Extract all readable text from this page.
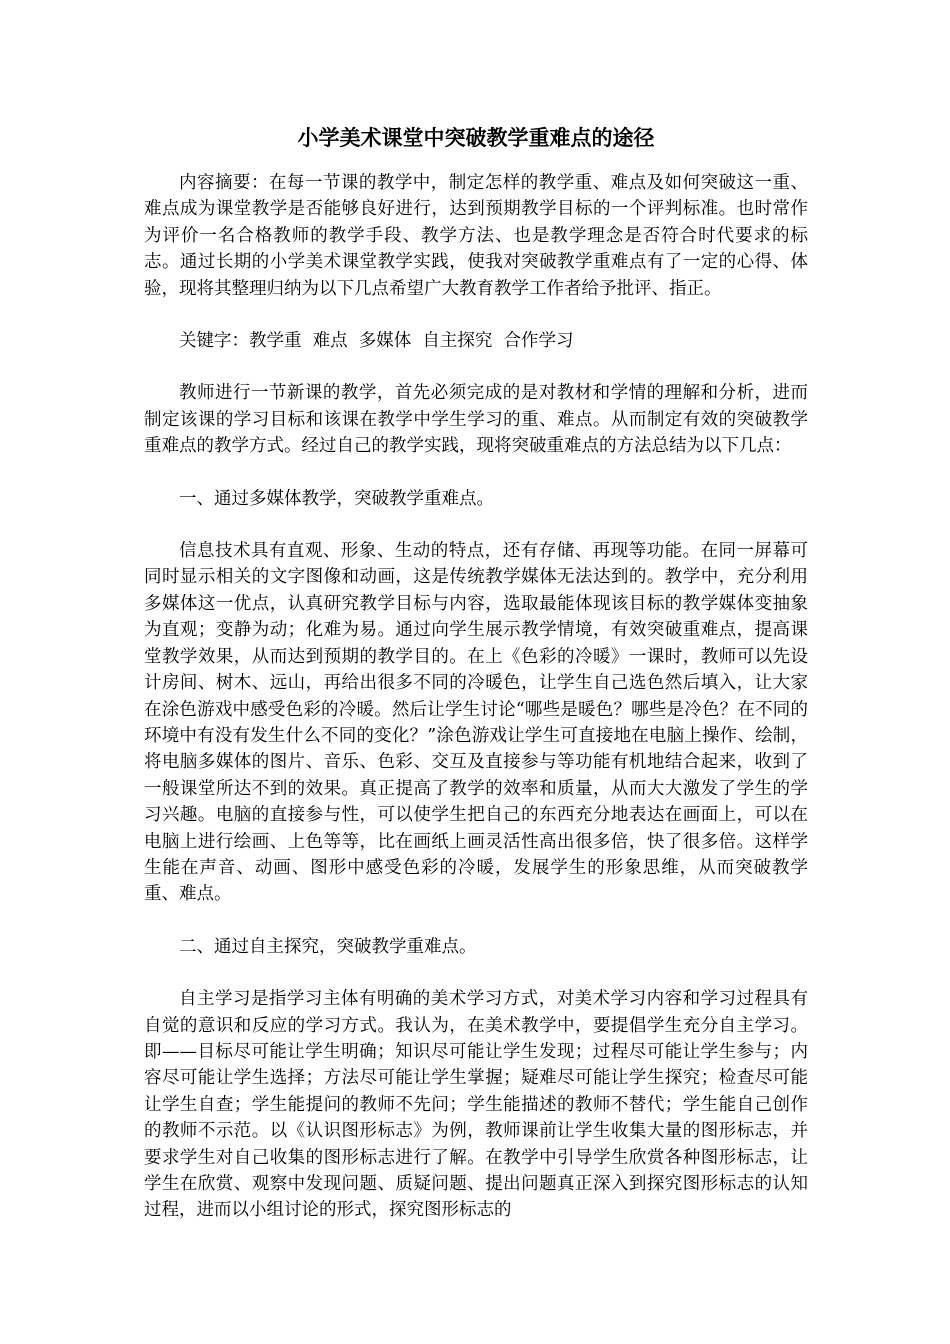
小学美术课堂中突破教学重难点的途径

内容摘要：在每一节课的教学中，制定怎样的教学重、难点及如何突破这一重、难点成为课堂教学是否能够良好进行，达到预期教学目标的一个评判标准。也时常作为评价一名合格教师的教学手段、教学方法、也是教学理念是否符合时代要求的标志。通过长期的小学美术课堂教学实践，使我对突破教学重难点有了一定的心得、体验，现将其整理归纳为以下几点希望广大教育教学工作者给予批评、指正。

关键字：教学重  难点  多媒体  自主探究  合作学习

教师进行一节新课的教学，首先必须完成的是对教材和学情的理解和分析，进而制定该课的学习目标和该课在教学中学生学习的重、难点。从而制定有效的突破教学重难点的教学方式。经过自己的教学实践，现将突破重难点的方法总结为以下几点：

一、通过多媒体教学，突破教学重难点。

信息技术具有直观、形象、生动的特点，还有存储、再现等功能。在同一屏幕可同时显示相关的文字图像和动画，这是传统教学媒体无法达到的。教学中，充分利用多媒体这一优点，认真研究教学目标与内容，选取最能体现该目标的教学媒体变抽象为直观；变静为动；化难为易。通过向学生展示教学情境，有效突破重难点，提高课堂教学效果，从而达到预期的教学目的。在上《色彩的冷暖》一课时，教师可以先设计房间、树木、远山，再给出很多不同的冷暖色，让学生自己选色然后填入，让大家在涂色游戏中感受色彩的冷暖。然后让学生讨论“哪些是暖色？哪些是冷色？在不同的环境中有没有发生什么不同的变化？”涂色游戏让学生可直接地在电脑上操作、绘制，将电脑多媒体的图片、音乐、色彩、交互及直接参与等功能有机地结合起来，收到了一般课堂所达不到的效果。真正提高了教学的效率和质量，从而大大激发了学生的学习兴趣。电脑的直接参与性，可以使学生把自己的东西充分地表达在画面上，可以在电脑上进行绘画、上色等等，比在画纸上画灵活性高出很多倍，快了很多倍。这样学生能在声音、动画、图形中感受色彩的冷暖，发展学生的形象思维，从而突破教学重、难点。

二、通过自主探究，突破教学重难点。

自主学习是指学习主体有明确的美术学习方式，对美术学习内容和学习过程具有自觉的意识和反应的学习方式。我认为，在美术教学中，要提倡学生充分自主学习。即——目标尽可能让学生明确；知识尽可能让学生发现；过程尽可能让学生参与；内容尽可能让学生选择；方法尽可能让学生掌握；疑难尽可能让学生探究；检查尽可能让学生自查；学生能提问的教师不先问；学生能描述的教师不替代；学生能自己创作的教师不示范。以《认识图形标志》为例，教师课前让学生收集大量的图形标志，并要求学生对自己收集的图形标志进行了解。在教学中引导学生欣赏各种图形标志，让学生在欣赏、观察中发现问题、质疑问题、提出问题真正深入到探究图形标志的认知过程，进而以小组讨论的形式，探究图形标志的
